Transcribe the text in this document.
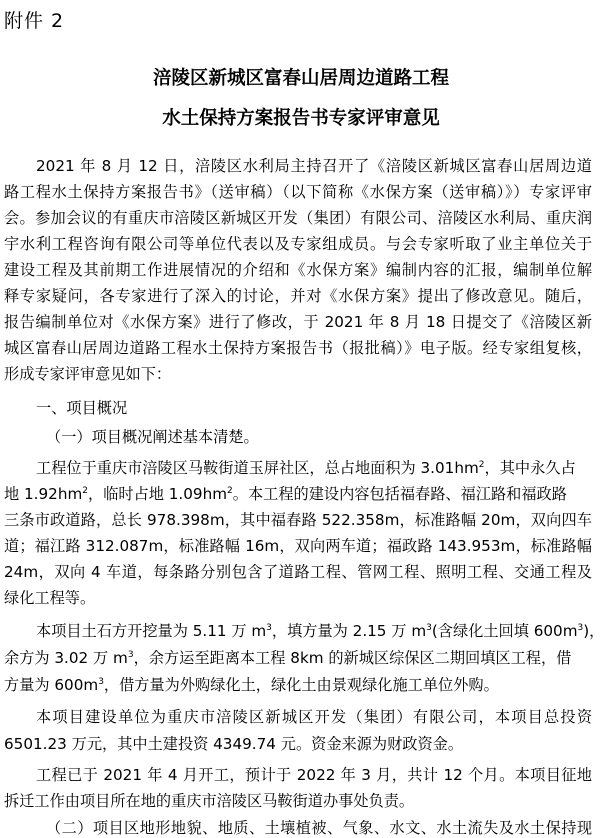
附件 2
涪陵区新城区富春山居周边道路工程
水土保持方案报告书专家评审意见
2021 年 8 月 12 日，涪陵区水利局主持召开了《涪陵区新城区富春山居周边道
路工程水土保持方案报告书》（送审稿）（以下简称《水保方案（送审稿）》）专家评审
会。参加会议的有重庆市涪陵区新城区开发（集团）有限公司、涪陵区水利局、重庆润
宇水利工程咨询有限公司等单位代表以及专家组成员。与会专家听取了业主单位关于
建设工程及其前期工作进展情况的介绍和《水保方案》编制内容的汇报，编制单位解
释专家疑问，各专家进行了深入的讨论，并对《水保方案》提出了修改意见。随后，
报告编制单位对《水保方案》进行了修改，于 2021 年 8 月 18 日提交了《涪陵区新
城区富春山居周边道路工程水土保持方案报告书（报批稿）》电子版。经专家组复核，
形成专家评审意见如下：
一、项目概况
（一）项目概况阐述基本清楚。
工程位于重庆市涪陵区马鞍街道玉屏社区，总占地面积为 $3.01hm^2$，其中永久占
地 $1.92hm^2$，临时占地 $1.09hm^2$。本工程的建设内容包括福春路、福江路和福政路
三条市政道路，总长 978.398m，其中福春路 522.358m，标准路幅 20m，双向四车
道；福江路 312.087m，标准路幅 16m，双向两车道；福政路 143.953m，标准路幅
24m，双向 4 车道，每条路分别包含了道路工程、管网工程、照明工程、交通工程及
绿化工程等。
本项目土石方开挖量为 5.11 万 $m^3$，填方量为 2.15 万 $m^3$(含绿化土回填 $600m^3$)，
余方为 3.02 万 $m^3$，余方运至距离本工程 8km 的新城区综保区二期回填区工程，借
方量为 $600m^3$，借方量为外购绿化土，绿化土由景观绿化施工单位外购。
本项目建设单位为重庆市涪陵区新城区开发（集团）有限公司，本项目总投资
6501.23 万元，其中土建投资 4349.74 元。资金来源为财政资金。
工程已于 2021 年 4 月开工，预计于 2022 年 3 月，共计 12 个月。本项目征地
拆迁工作由项目所在地的重庆市涪陵区马鞍街道办事处负责。
（二）项目区地形地貌、地质、土壤植被、气象、水文、水土流失及水土保持现
